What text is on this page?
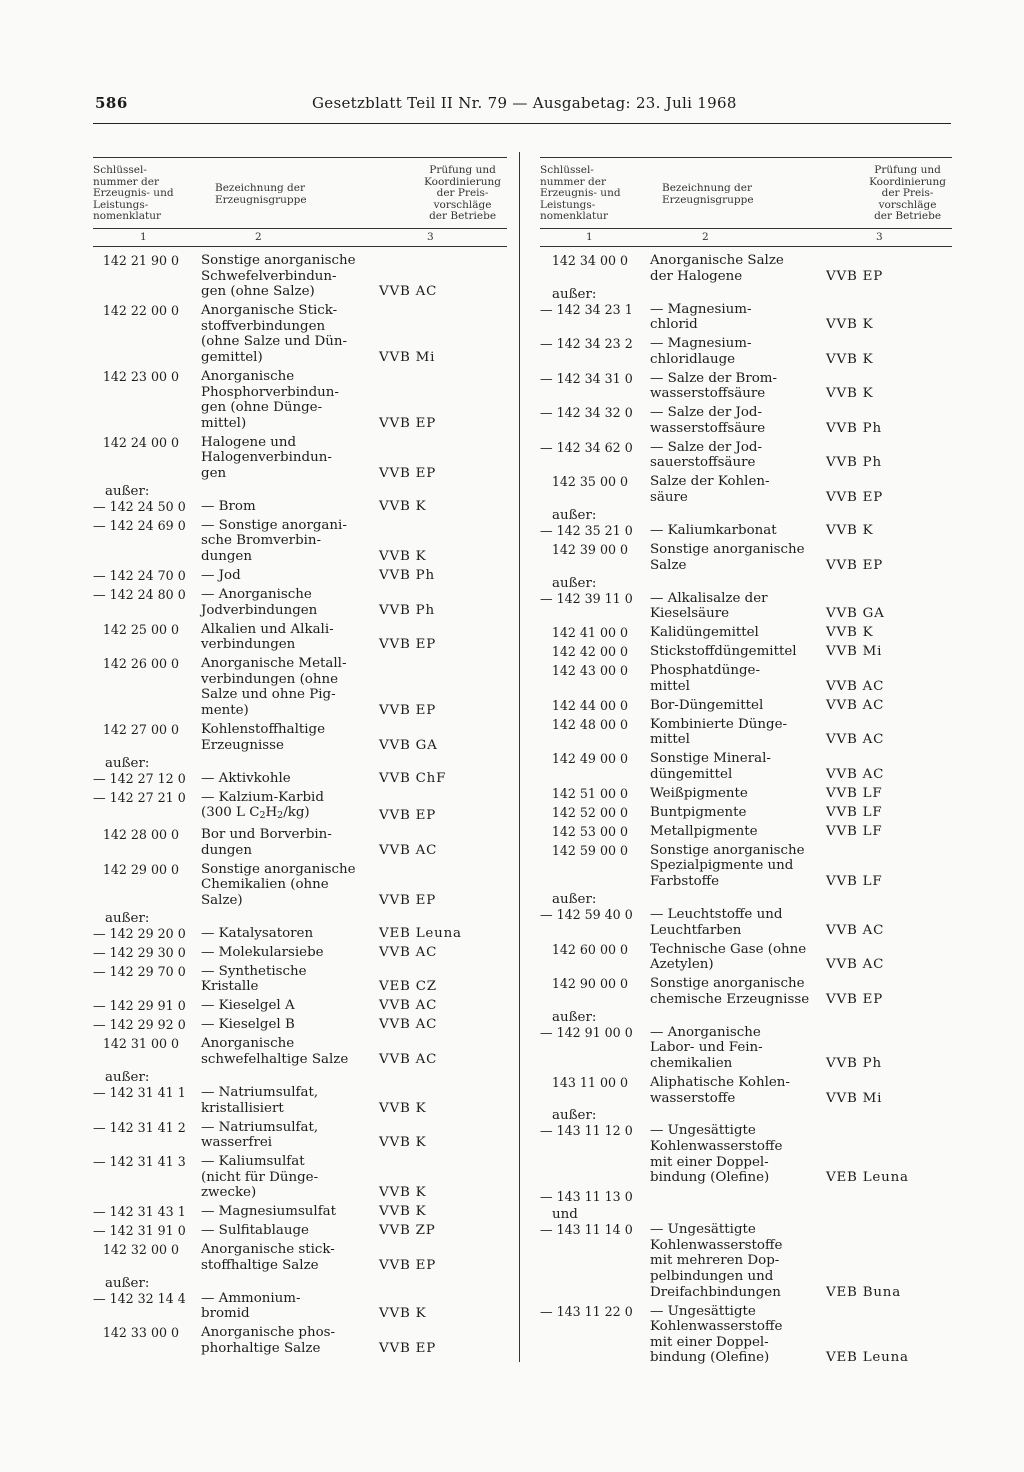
586	Gesetzblatt Teil II Nr. 79 — Ausgabetag: 23. Juli 1968
Schlüssel-
nummer der
Erzeugnis- und
Leistungs-
nomenklatur
Bezeichnung der
Erzeugnisgruppe
Prüfung und
Koordinierung
der Preis-
vorschläge
der Betriebe
1	2	3
142 21 90 0	Sonstige anorganische
Schwefelverbindun-
gen (ohne Salze)	VVB AC
142 22 00 0	Anorganische Stick-
stoffverbindungen
(ohne Salze und Dün-
gemittel)	VVB Mi
142 23 00 0	Anorganische
Phosphorverbindun-
gen (ohne Dünge-
mittel)	VVB EP
142 24 00 0	Halogene und
Halogenverbindun-
gen	VVB EP
außer:
— 142 24 50 0	— Brom	VVB K
— 142 24 69 0	— Sonstige anorgani-
sche Bromverbin-
dungen	VVB K
— 142 24 70 0	— Jod	VVB Ph
— 142 24 80 0	— Anorganische
Jodverbindungen	VVB Ph
142 25 00 0	Alkalien und Alkali-
verbindungen	VVB EP
142 26 00 0	Anorganische Metall-
verbindungen (ohne
Salze und ohne Pig-
mente)	VVB EP
142 27 00 0	Kohlenstoffhaltige
Erzeugnisse	VVB GA
außer:
— 142 27 12 0	— Aktivkohle	VVB ChF
— 142 27 21 0	— Kalzium-Karbid
(300 L $C_2H_2/kg$)	VVB EP
142 28 00 0	Bor und Borverbin-
dungen	VVB AC
142 29 00 0	Sonstige anorganische
Chemikalien (ohne
Salze)	VVB EP
außer:
— 142 29 20 0	— Katalysatoren	VEB Leuna
— 142 29 30 0	— Molekularsiebe	VVB AC
— 142 29 70 0	— Synthetische
Kristalle	VEB CZ
— 142 29 91 0	— Kieselgel A	VVB AC
— 142 29 92 0	— Kieselgel B	VVB AC
142 31 00 0	Anorganische
schwefelhaltige Salze	VVB AC
außer:
— 142 31 41 1	— Natriumsulfat,
kristallisiert	VVB K
— 142 31 41 2	— Natriumsulfat,
wasserfrei	VVB K
— 142 31 41 3	— Kaliumsulfat
(nicht für Dünge-
zwecke)	VVB K
— 142 31 43 1	— Magnesiumsulfat	VVB K
— 142 31 91 0	— Sulfitablauge	VVB ZP
142 32 00 0	Anorganische stick-
stoffhaltige Salze	VVB EP
außer:
— 142 32 14 4	— Ammonium-
bromid	VVB K
142 33 00 0	Anorganische phos-
phorhaltige Salze	VVB EP
Schlüssel-
nummer der
Erzeugnis- und
Leistungs-
nomenklatur
Bezeichnung der
Erzeugnisgruppe
Prüfung und
Koordinierung
der Preis-
vorschläge
der Betriebe
1	2	3
142 34 00 0	Anorganische Salze
der Halogene	VVB EP
außer:
— 142 34 23 1	— Magnesium-
chlorid	VVB K
— 142 34 23 2	— Magnesium-
chloridlauge	VVB K
— 142 34 31 0	— Salze der Brom-
wasserstoffsäure	VVB K
— 142 34 32 0	— Salze der Jod-
wasserstoffsäure	VVB Ph
— 142 34 62 0	— Salze der Jod-
sauerstoffsäure	VVB Ph
142 35 00 0	Salze der Kohlen-
säure	VVB EP
außer:
— 142 35 21 0	— Kaliumkarbonat	VVB K
142 39 00 0	Sonstige anorganische
Salze	VVB EP
außer:
— 142 39 11 0	— Alkalisalze der
Kieselsäure	VVB GA
142 41 00 0	Kalidüngemittel	VVB K
142 42 00 0	Stickstoffdüngemittel	VVB Mi
142 43 00 0	Phosphatdünge-
mittel	VVB AC
142 44 00 0	Bor-Düngemittel	VVB AC
142 48 00 0	Kombinierte Dünge-
mittel	VVB AC
142 49 00 0	Sonstige Mineral-
düngemittel	VVB AC
142 51 00 0	Weißpigmente	VVB LF
142 52 00 0	Buntpigmente	VVB LF
142 53 00 0	Metallpigmente	VVB LF
142 59 00 0	Sonstige anorganische
Spezialpigmente und
Farbstoffe	VVB LF
außer:
— 142 59 40 0	— Leuchtstoffe und
Leuchtfarben	VVB AC
142 60 00 0	Technische Gase (ohne
Azetylen)	VVB AC
142 90 00 0	Sonstige anorganische
chemische Erzeugnisse	VVB EP
außer:
— 142 91 00 0	— Anorganische
Labor- und Fein-
chemikalien	VVB Ph
143 11 00 0	Aliphatische Kohlen-
wasserstoffe	VVB Mi
außer:
— 143 11 12 0	— Ungesättigte
Kohlenwasserstoffe
mit einer Doppel-
bindung (Olefine)	VEB Leuna
— 143 11 13 0
und
— 143 11 14 0	— Ungesättigte
Kohlenwasserstoffe
mit mehreren Dop-
pelbindungen und
Dreifachbindungen	VEB Buna
— 143 11 22 0	— Ungesättigte
Kohlenwasserstoffe
mit einer Doppel-
bindung (Olefine)	VEB Leuna
